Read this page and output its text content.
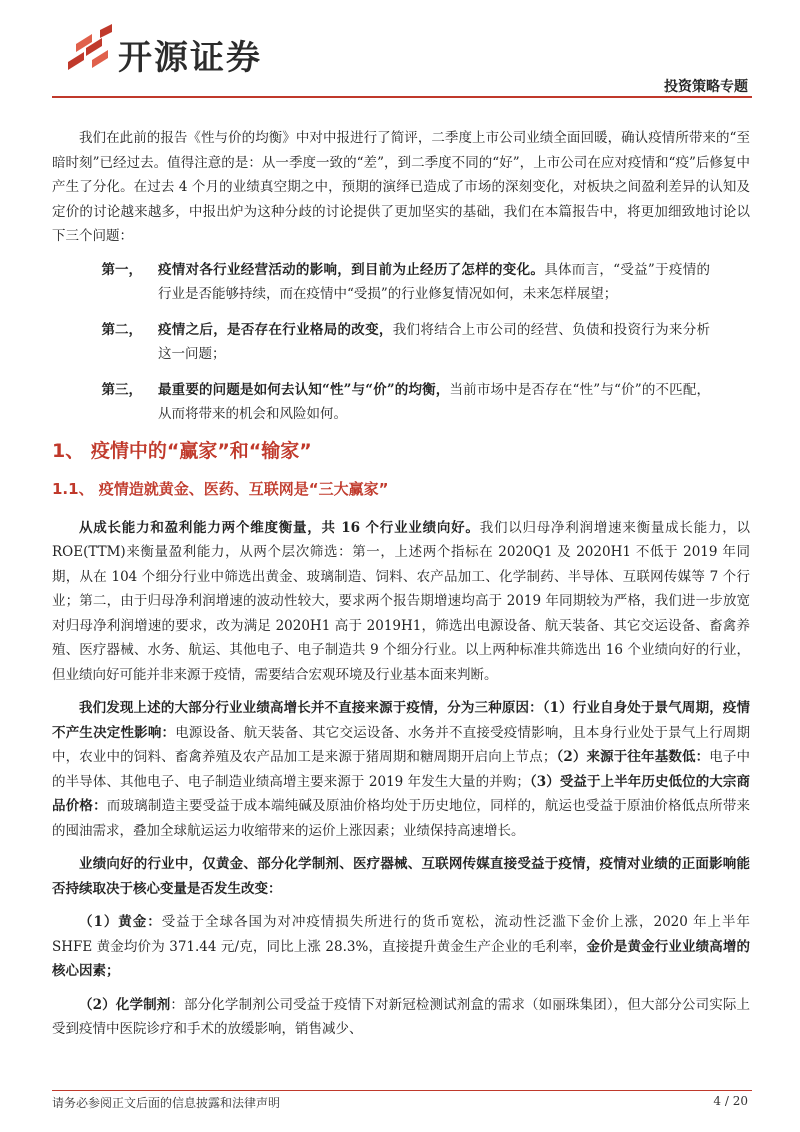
开源证券
投资策略专题

我们在此前的报告《性与价的均衡》中对中报进行了简评，二季度上市公司业绩全面回暖，确认疫情所带来的“至暗时刻”已经过去。值得注意的是：从一季度一致的“差”，到二季度不同的“好”，上市公司在应对疫情和“疫”后修复中产生了分化。在过去 4 个月的业绩真空期之中，预期的演绎已造成了市场的深刻变化，对板块之间盈利差异的认知及定价的讨论越来越多，中报出炉为这种分歧的讨论提供了更加坚实的基础，我们在本篇报告中，将更加细致地讨论以下三个问题：

第一，	疫情对各行业经营活动的影响，到目前为止经历了怎样的变化。具体而言，“受益”于疫情的行业是否能够持续，而在疫情中“受损”的行业修复情况如何，未来怎样展望；
第二，	疫情之后，是否存在行业格局的改变，我们将结合上市公司的经营、负债和投资行为来分析这一问题；
第三，	最重要的问题是如何去认知“性”与“价”的均衡，当前市场中是否存在“性”与“价”的不匹配，从而将带来的机会和风险如何。
1、 疫情中的“赢家”和“输家”
1.1、 疫情造就黄金、医药、互联网是“三大赢家”

从成长能力和盈利能力两个维度衡量，共 16 个行业业绩向好。我们以归母净利润增速来衡量成长能力，以 ROE(TTM)来衡量盈利能力，从两个层次筛选：第一，上述两个指标在 2020Q1 及 2020H1 不低于 2019 年同期，从在 104 个细分行业中筛选出黄金、玻璃制造、饲料、农产品加工、化学制药、半导体、互联网传媒等 7 个行业；第二，由于归母净利润增速的波动性较大，要求两个报告期增速均高于 2019 年同期较为严格，我们进一步放宽对归母净利润增速的要求，改为满足 2020H1 高于 2019H1，筛选出电源设备、航天装备、其它交运设备、畜禽养殖、医疗器械、水务、航运、其他电子、电子制造共 9 个细分行业。以上两种标准共筛选出 16 个业绩向好的行业，但业绩向好可能并非来源于疫情，需要结合宏观环境及行业基本面来判断。

我们发现上述的大部分行业业绩高增长并不直接来源于疫情，分为三种原因：（1）行业自身处于景气周期，疫情不产生决定性影响：电源设备、航天装备、其它交运设备、水务并不直接受疫情影响，且本身行业处于景气上行周期中，农业中的饲料、畜禽养殖及农产品加工是来源于猪周期和糖周期开启向上节点；（2）来源于往年基数低：电子中的半导体、其他电子、电子制造业绩高增主要来源于 2019 年发生大量的并购；（3）受益于上半年历史低位的大宗商品价格：而玻璃制造主要受益于成本端纯碱及原油价格均处于历史地位，同样的，航运也受益于原油价格低点所带来的囤油需求，叠加全球航运运力收缩带来的运价上涨因素；业绩保持高速增长。

业绩向好的行业中，仅黄金、部分化学制剂、医疗器械、互联网传媒直接受益于疫情，疫情对业绩的正面影响能否持续取决于核心变量是否发生改变：

（1）黄金：受益于全球各国为对冲疫情损失所进行的货币宽松，流动性泛滥下金价上涨，2020 年上半年 SHFE 黄金均价为 371.44 元/克，同比上涨 28.3%，直接提升黄金生产企业的毛利率，金价是黄金行业业绩高增的核心因素；

（2）化学制剂：部分化学制剂公司受益于疫情下对新冠检测试剂盒的需求（如丽珠集团），但大部分公司实际上受到疫情中医院诊疗和手术的放缓影响，销售减少、

请务必参阅正文后面的信息披露和法律声明	4 / 20
